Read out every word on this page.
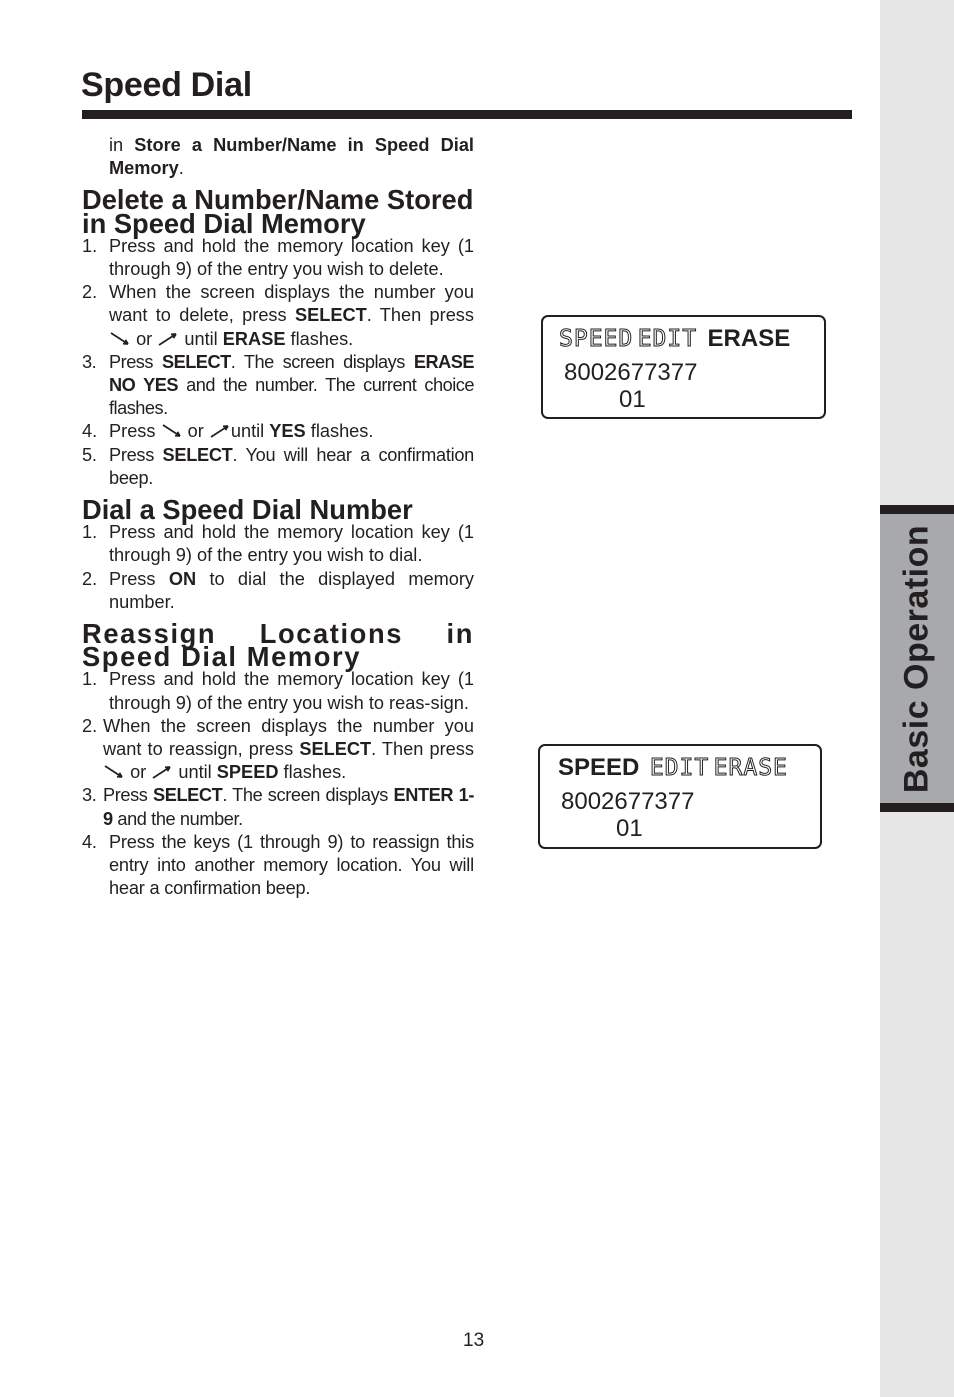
Basic Operation
Speed Dial

in Store a Number/Name in Speed Dial Memory.

Delete a Number/Name Stored in Speed Dial Memory
1. Press and hold the memory location key (1 through 9) of the entry you wish to delete.
2. When the screen displays the number you want to delete, press SELECT. Then press  or until ERASE flashes.
3. Press SELECT. The screen displays ERASE NO YES and the number. The current choice flashes.
4. Press or until YES flashes.
5. Press SELECT. You will hear a confirmation beep.
Dial a Speed Dial Number
1. Press and hold the memory location key (1 through 9) of the entry you wish to dial.
2. Press ON to dial the displayed memory number.
Reassign Locations in Speed Dial Memory
1. Press and hold the memory location key (1 through 9) of the entry you wish to reas-sign.
2. When the screen displays the number you want to reassign, press SELECT. Then press  or until SPEED flashes.
3. Press SELECT. The screen displays ENTER 1-9 and the number.
4. Press the keys (1 through 9) to reassign this entry into another memory location. You will hear a confirmation beep.
SPEED EDIT ERASE
8002677377
01
SPEED EDIT ERASE
8002677377
01
13
